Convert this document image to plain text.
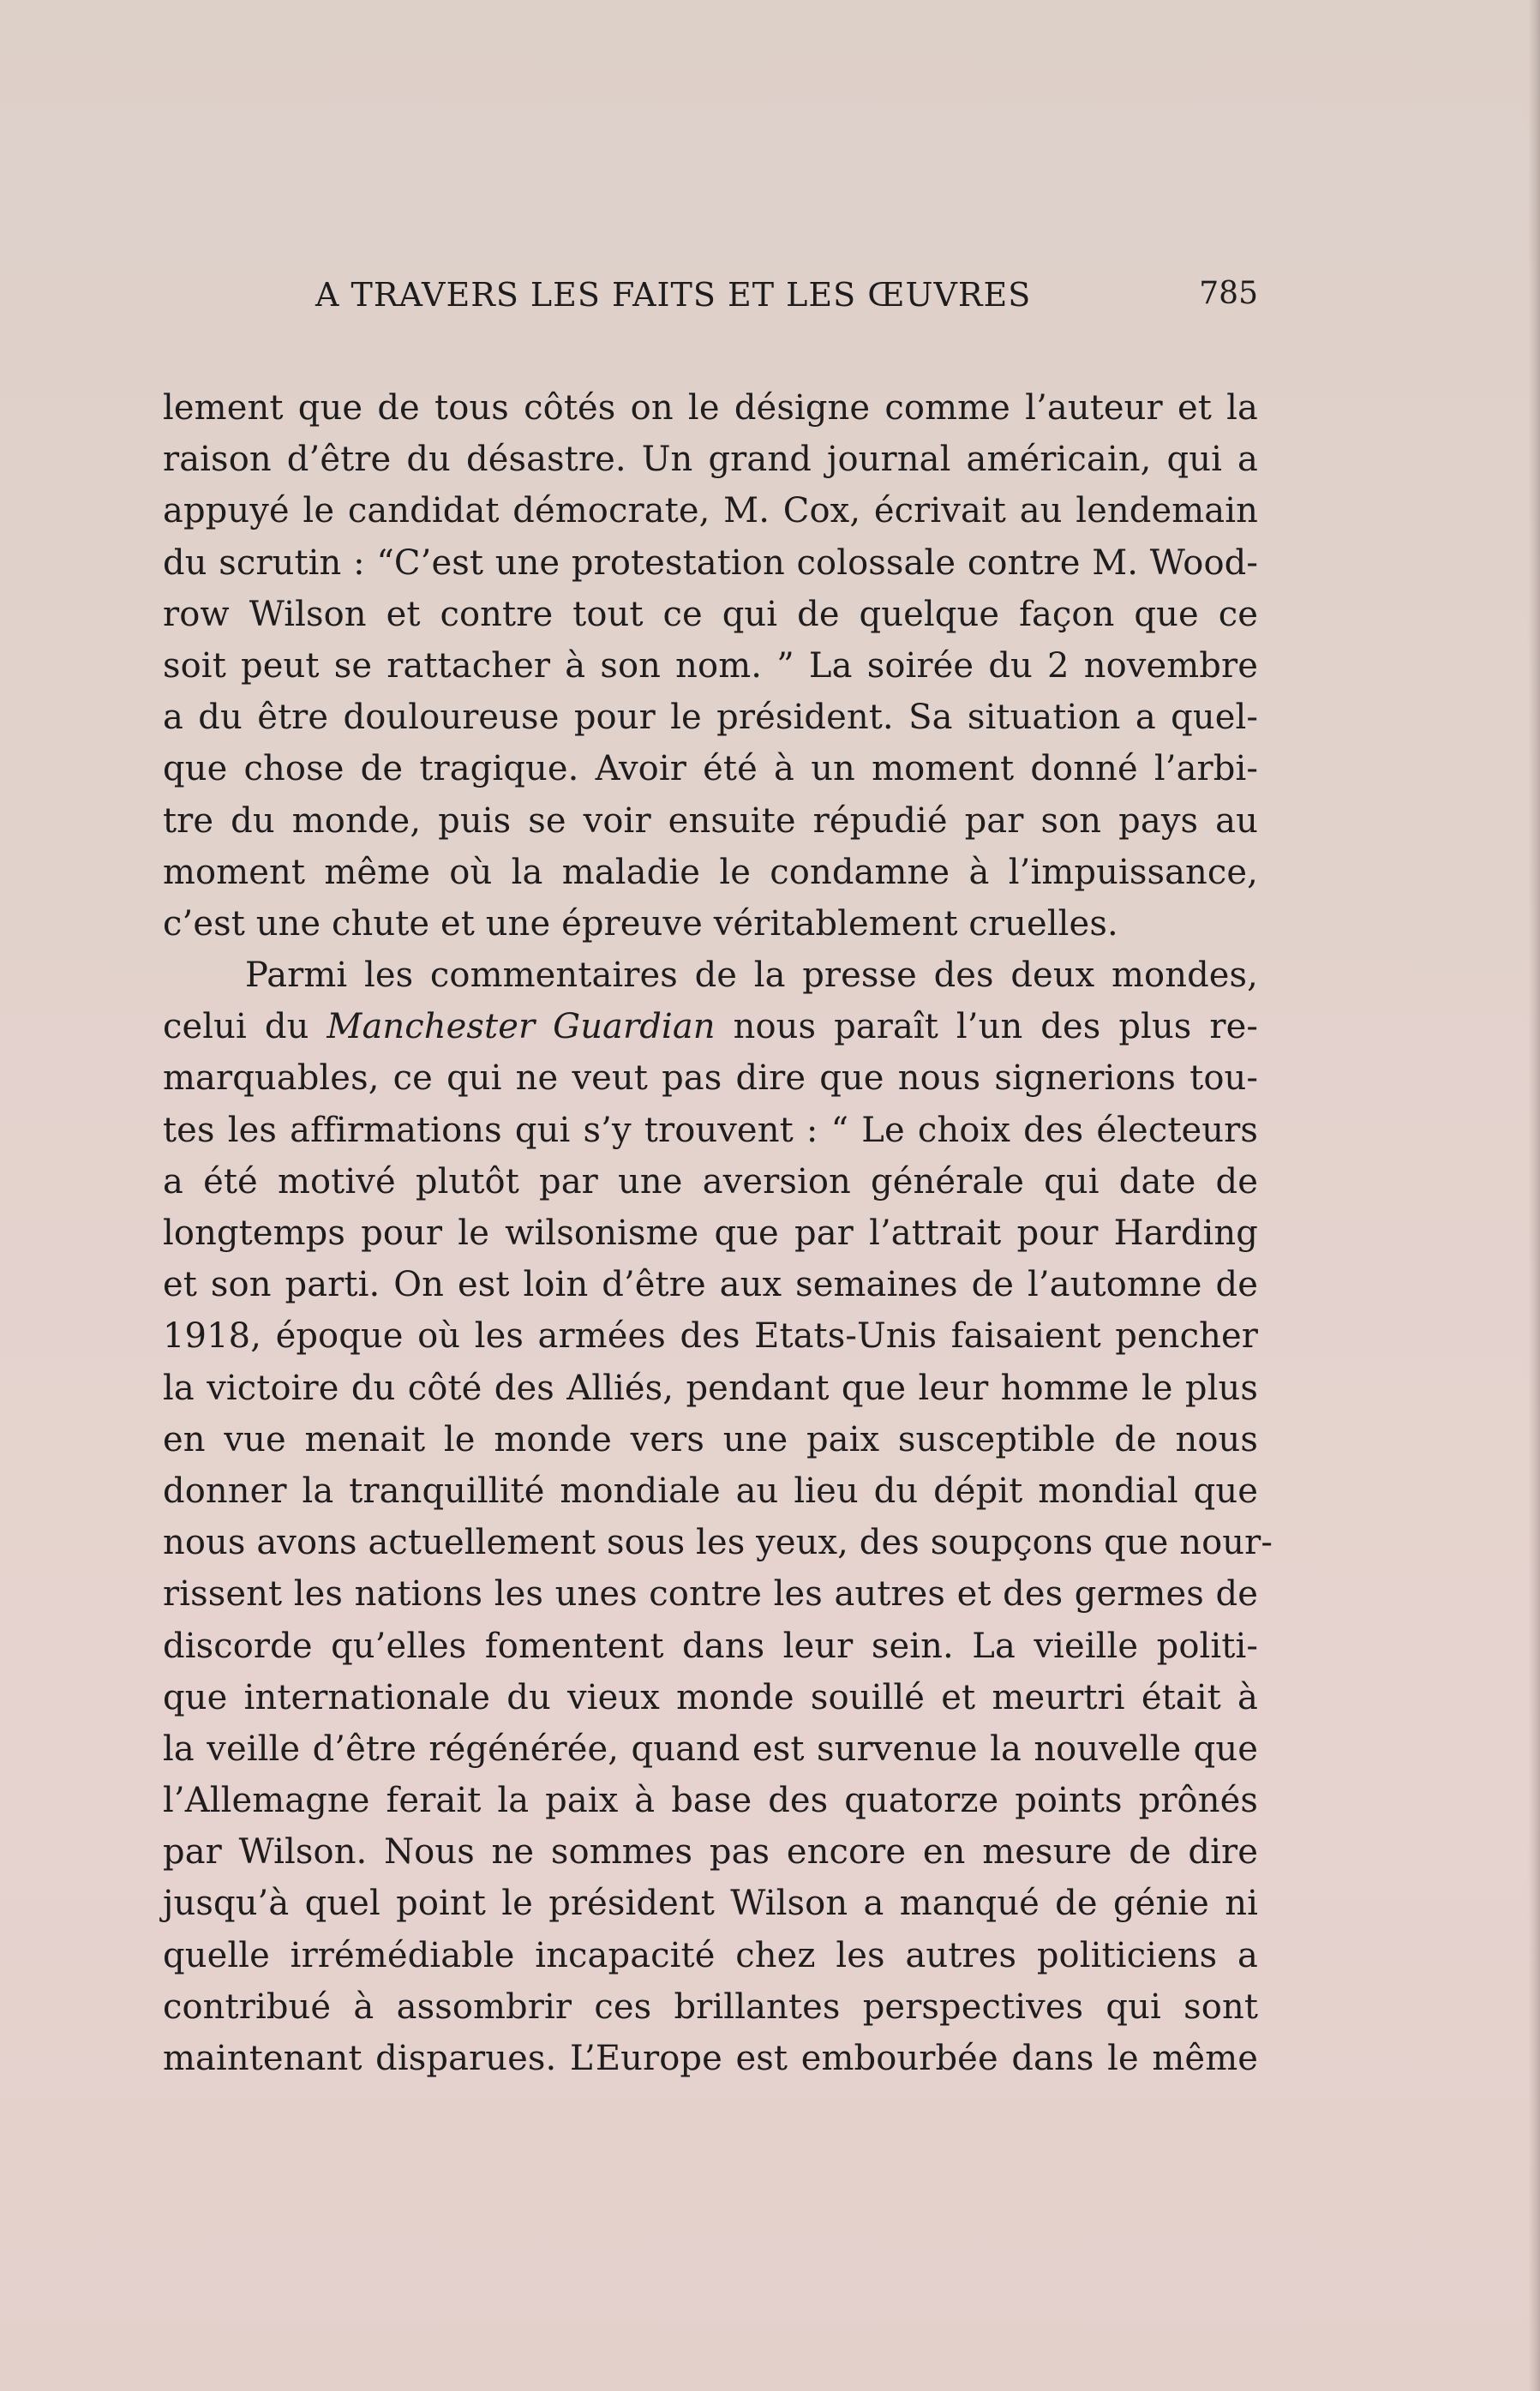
A TRAVERS LES FAITS ET LES ŒUVRES	785
lement que de tous côtés on le désigne comme l’auteur et la
raison d’être du désastre. Un grand journal américain, qui a
appuyé le candidat démocrate, M. Cox, écrivait au lendemain
du scrutin : “C’est une protestation colossale contre M. Wood-
row Wilson et contre tout ce qui de quelque façon que ce
soit peut se rattacher à son nom. ” La soirée du 2 novembre
a du être douloureuse pour le président. Sa situation a quel-
que chose de tragique. Avoir été à un moment donné l’arbi-
tre du monde, puis se voir ensuite répudié par son pays au
moment même où la maladie le condamne à l’impuissance,
c’est une chute et une épreuve véritablement cruelles.
Parmi les commentaires de la presse des deux mondes,
celui du Manchester Guardian nous paraît l’un des plus re-
marquables, ce qui ne veut pas dire que nous signerions tou-
tes les affirmations qui s’y trouvent : “ Le choix des électeurs
a été motivé plutôt par une aversion générale qui date de
longtemps pour le wilsonisme que par l’attrait pour Harding
et son parti. On est loin d’être aux semaines de l’automne de
1918, époque où les armées des Etats-Unis faisaient pencher
la victoire du côté des Alliés, pendant que leur homme le plus
en vue menait le monde vers une paix susceptible de nous
donner la tranquillité mondiale au lieu du dépit mondial que
nous avons actuellement sous les yeux, des soupçons que nour-
rissent les nations les unes contre les autres et des germes de
discorde qu’elles fomentent dans leur sein. La vieille politi-
que internationale du vieux monde souillé et meurtri était à
la veille d’être régénérée, quand est survenue la nouvelle que
l’Allemagne ferait la paix à base des quatorze points prônés
par Wilson. Nous ne sommes pas encore en mesure de dire
jusqu’à quel point le président Wilson a manqué de génie ni
quelle irrémédiable incapacité chez les autres politiciens a
contribué à assombrir ces brillantes perspectives qui sont
maintenant disparues. L’Europe est embourbée dans le même
